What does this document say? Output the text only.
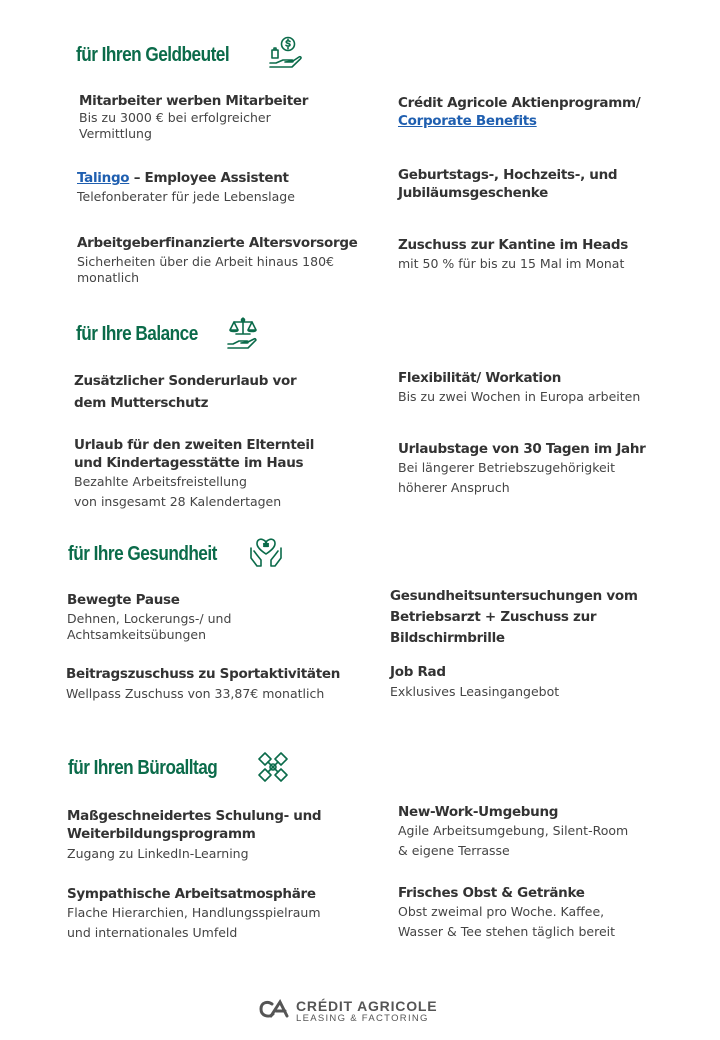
für Ihren Geldbeutel
Mitarbeiter werben Mitarbeiter
Bis zu 3000 € bei erfolgreicher
Vermittlung
Crédit Agricole Aktienprogramm/
Corporate Benefits
Talingo – Employee Assistent
Telefonberater für jede Lebenslage
Geburtstags-, Hochzeits-, und
Jubiläumsgeschenke
Arbeitgeberfinanzierte Altersvorsorge
Sicherheiten über die Arbeit hinaus 180€
monatlich
Zuschuss zur Kantine im Heads
mit 50 % für bis zu 15 Mal im Monat
für Ihre Balance
Zusätzlicher Sonderurlaub vor
dem Mutterschutz
Flexibilität/ Workation
Bis zu zwei Wochen in Europa arbeiten
Urlaub für den zweiten Elternteil
und Kindertagesstätte im Haus
Bezahlte Arbeitsfreistellung
von insgesamt 28 Kalendertagen
Urlaubstage von 30 Tagen im Jahr
Bei längerer Betriebszugehörigkeit
höherer Anspruch
für Ihre Gesundheit
Bewegte Pause
Dehnen, Lockerungs-/ und
Achtsamkeitsübungen
Gesundheitsuntersuchungen vom
Betriebsarzt + Zuschuss zur
Bildschirmbrille
Beitragszuschuss zu Sportaktivitäten
Wellpass Zuschuss von 33,87€ monatlich
Job Rad
Exklusives Leasingangebot
für Ihren Büroalltag
Maßgeschneidertes Schulung- und
Weiterbildungsprogramm
Zugang zu LinkedIn-Learning
New-Work-Umgebung
Agile Arbeitsumgebung, Silent-Room
& eigene Terrasse
Sympathische Arbeitsatmosphäre
Flache Hierarchien, Handlungsspielraum
und internationales Umfeld
Frisches Obst & Getränke
Obst zweimal pro Woche. Kaffee,
Wasser & Tee stehen täglich bereit
CRÉDIT AGRICOLE
LEASING & FACTORING
